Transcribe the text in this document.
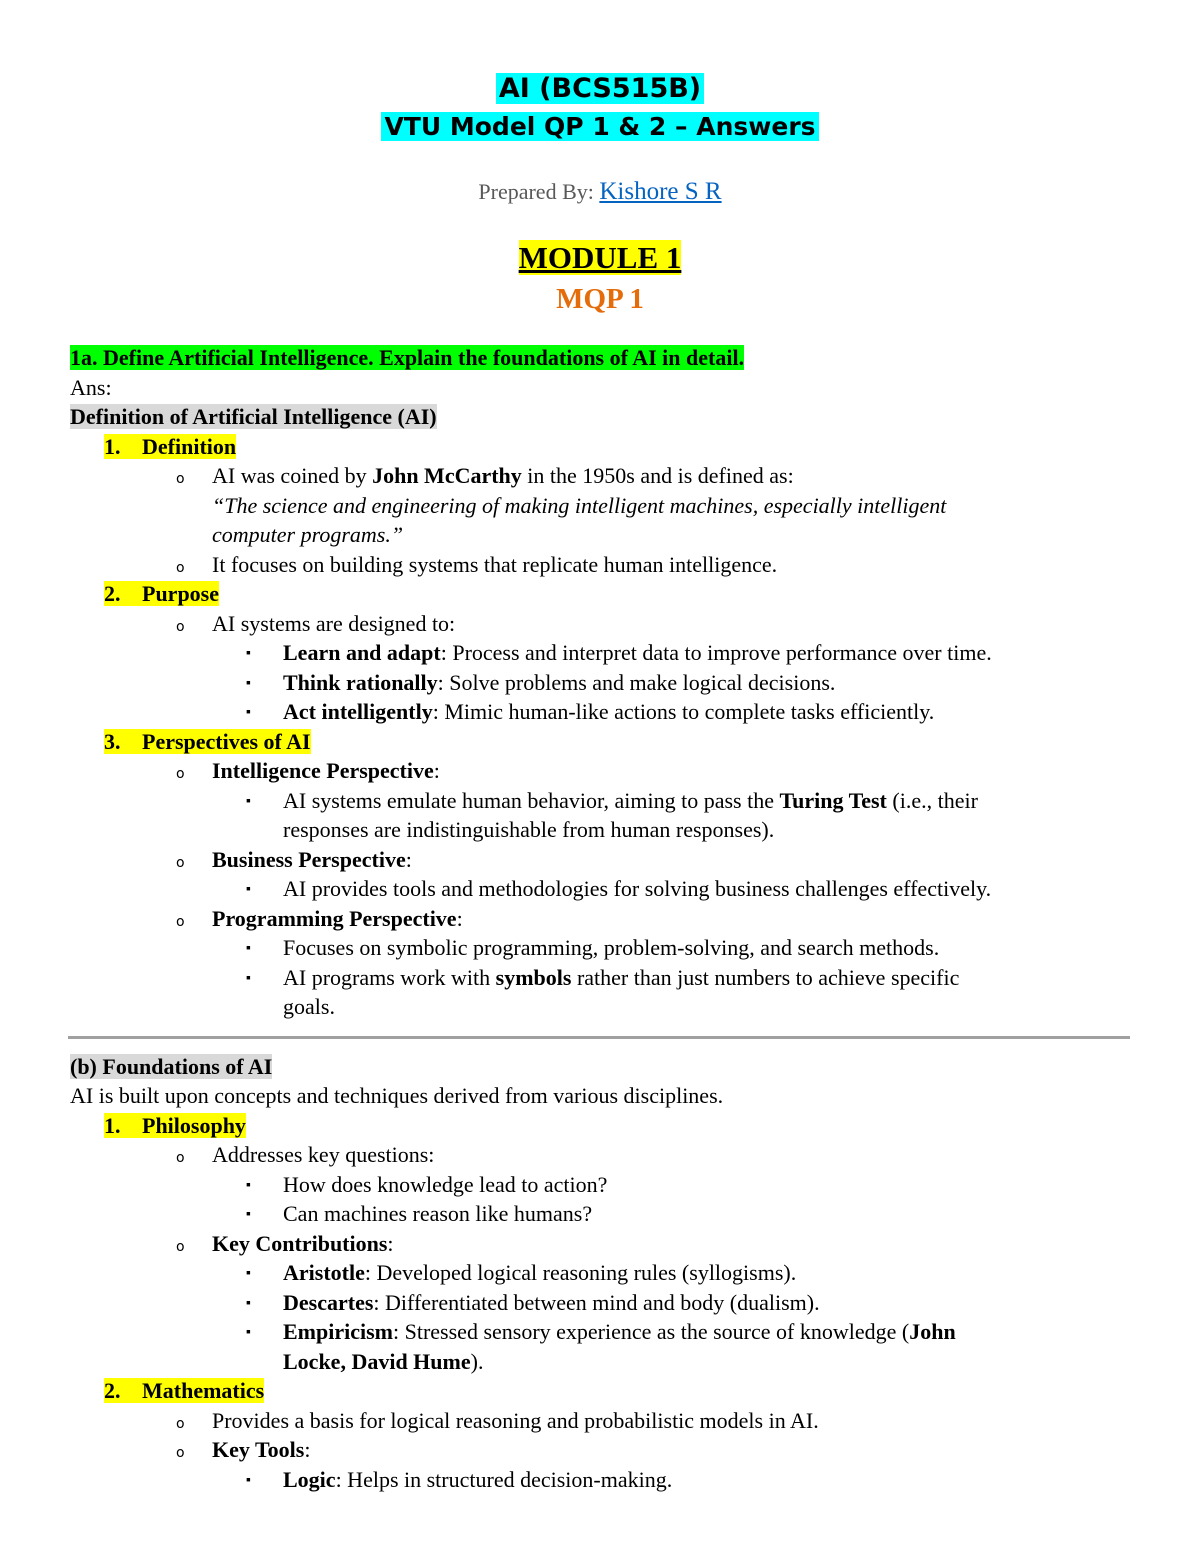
AI (BCS515B)
VTU Model QP 1 & 2 – Answers
Prepared By: Kishore S R
MODULE 1
MQP 1
1a. Define Artificial Intelligence. Explain the foundations of AI in detail.
Ans:
Definition of Artificial Intelligence (AI)
1. Definition
o AI was coined by John McCarthy in the 1950s and is defined as:
“The science and engineering of making intelligent machines, especially intelligent
computer programs.”
o It focuses on building systems that replicate human intelligence.
2. Purpose
o AI systems are designed to:
▪ Learn and adapt: Process and interpret data to improve performance over time.
▪ Think rationally: Solve problems and make logical decisions.
▪ Act intelligently: Mimic human-like actions to complete tasks efficiently.
3. Perspectives of AI
o Intelligence Perspective:
▪ AI systems emulate human behavior, aiming to pass the Turing Test (i.e., their
responses are indistinguishable from human responses).
o Business Perspective:
▪ AI provides tools and methodologies for solving business challenges effectively.
o Programming Perspective:
▪ Focuses on symbolic programming, problem-solving, and search methods.
▪ AI programs work with symbols rather than just numbers to achieve specific
goals.
(b) Foundations of AI
AI is built upon concepts and techniques derived from various disciplines.
1. Philosophy
o Addresses key questions:
▪ How does knowledge lead to action?
▪ Can machines reason like humans?
o Key Contributions:
▪ Aristotle: Developed logical reasoning rules (syllogisms).
▪ Descartes: Differentiated between mind and body (dualism).
▪ Empiricism: Stressed sensory experience as the source of knowledge (John
Locke, David Hume).
2. Mathematics
o Provides a basis for logical reasoning and probabilistic models in AI.
o Key Tools:
▪ Logic: Helps in structured decision-making.
